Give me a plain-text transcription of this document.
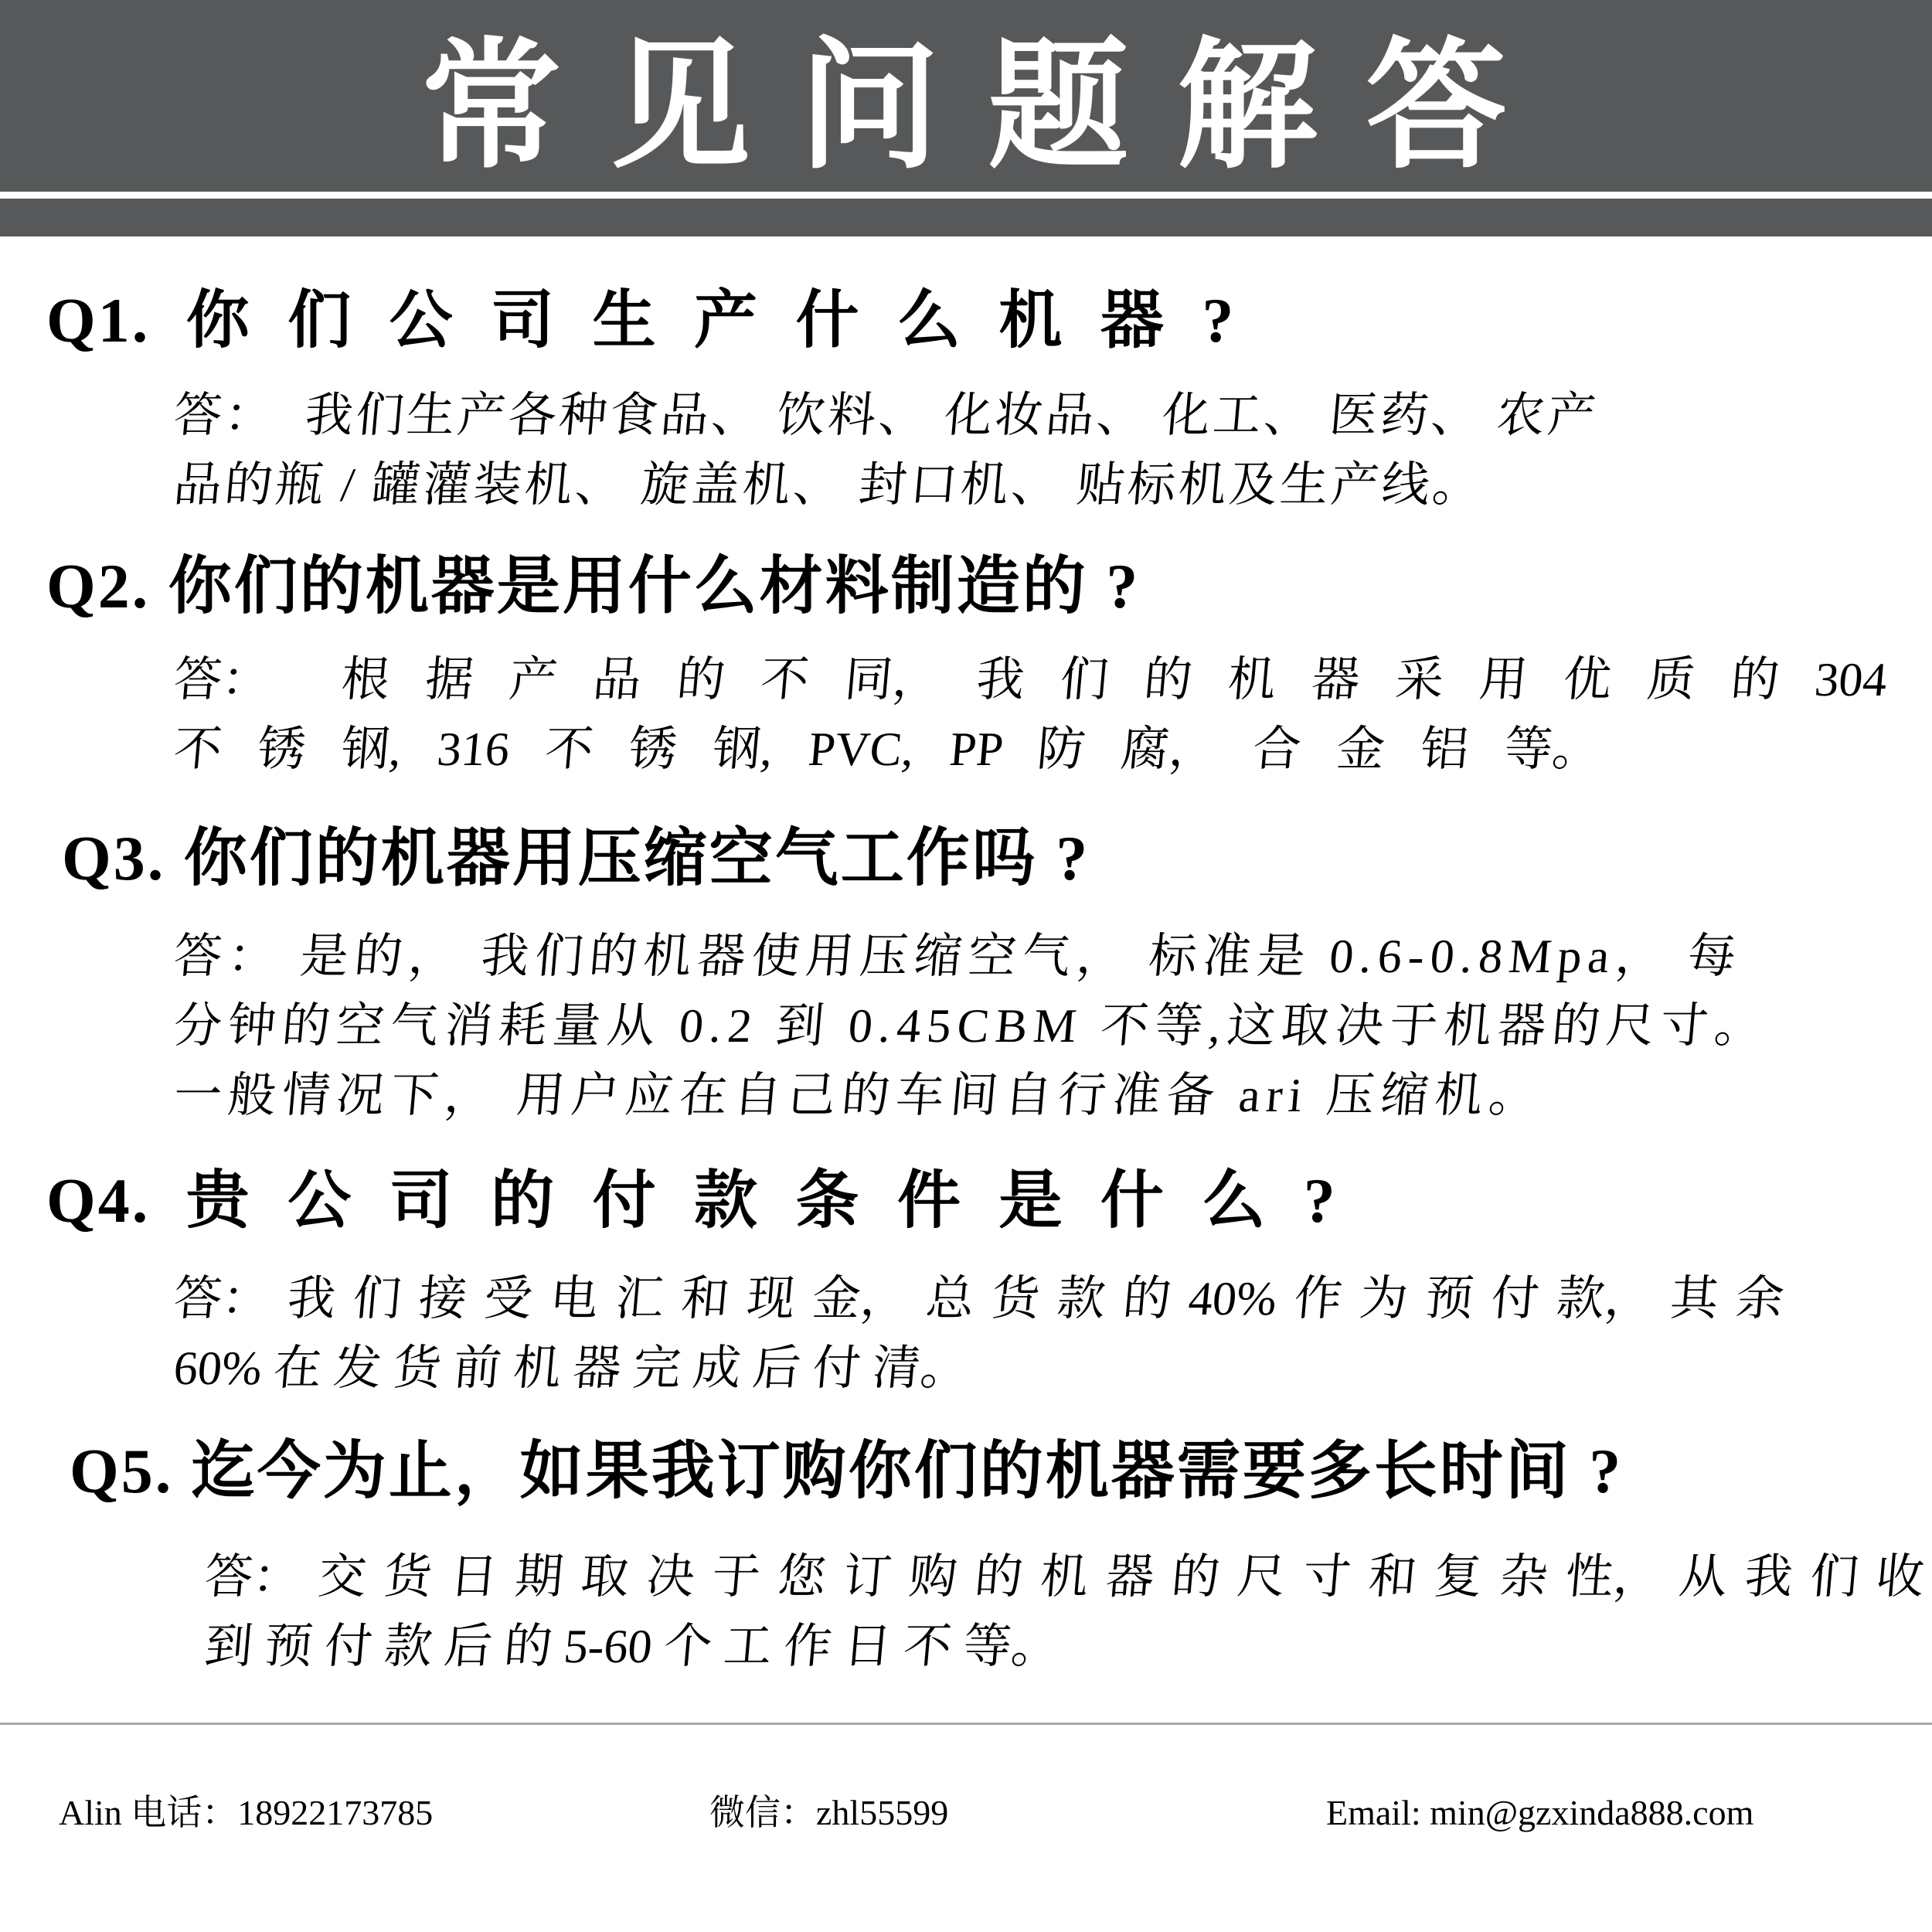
常 见 问 题 解 答
Q1. 你 们 公 司 生 产 什 么 机 器 ?
答：  我们生产各种食品、 饮料、 化妆品、 化工、 医药、 农产
品的瓶 / 罐灌装机、 旋盖机、 封口机、 贴标机及生产线。
Q2. 你们的机器是用什么材料制造的 ?
答：  根 据 产 品 的 不 同， 我 们 的 机 器 采 用 优 质 的 304
不 锈 钢, 316 不 锈 钢, PVC, PP 防 腐， 合 金 铝 等。
Q3. 你们的机器用压缩空气工作吗 ?
答： 是的， 我们的机器使用压缩空气， 标准是 0.6-0.8Mpa， 每
分钟的空气消耗量从 0.2 到 0.45CBM 不等,这取决于机器的尺寸。
一般情况下， 用户应在自己的车间自行准备 ari 压缩机。
Q4. 贵 公 司 的 付 款 条 件 是 什 么 ?
答： 我 们 接 受 电 汇 和 现 金， 总 货 款 的 40% 作 为 预 付 款， 其 余
60% 在 发 货 前 机 器 完 成 后 付 清。
Q5. 迄今为止，如果我订购你们的机器需要多长时间 ?
答： 交 货 日 期 取 决 于 您 订 购 的 机 器 的 尺 寸 和 复 杂 性， 从 我 们 收
到 预 付 款 后 的 5-60 个 工 作 日 不 等。
Alin 电话：18922173785	微信：zhl55599	Email: min@gzxinda888.com
